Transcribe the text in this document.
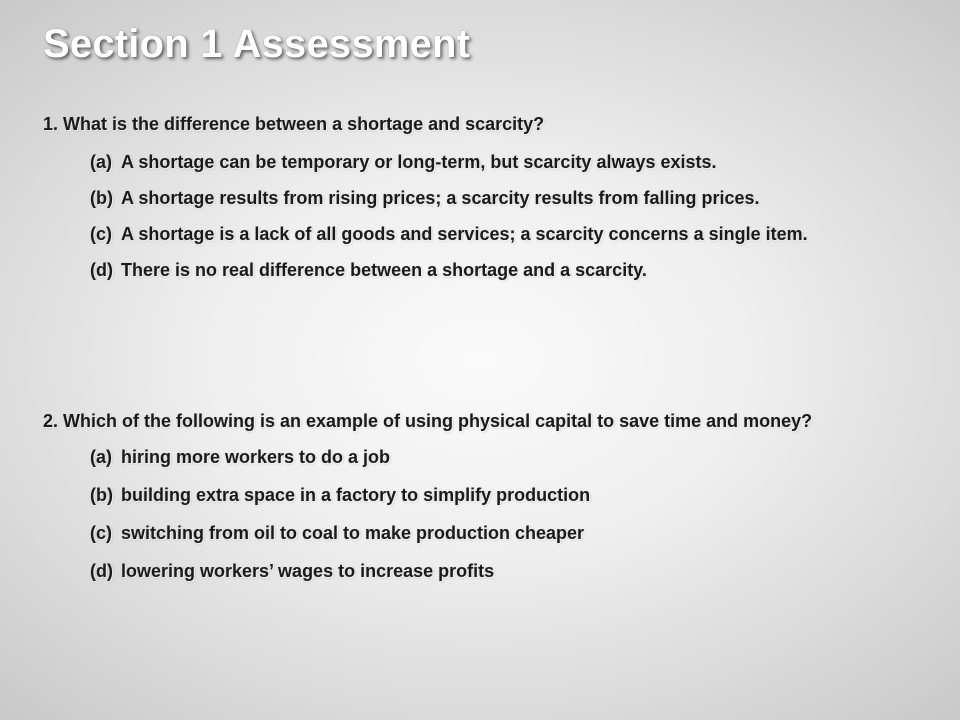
Section 1 Assessment

1. What is the difference between a shortage and scarcity?

(a) A shortage can be temporary or long-term, but scarcity always exists.
(b) A shortage results from rising prices; a scarcity results from falling prices.
(c) A shortage is a lack of all goods and services; a scarcity concerns a single item.
(d) There is no real difference between a shortage and a scarcity.

2. Which of the following is an example of using physical capital to save time and money?

(a) hiring more workers to do a job
(b) building extra space in a factory to simplify production
(c) switching from oil to coal to make production cheaper
(d) lowering workers’ wages to increase profits
